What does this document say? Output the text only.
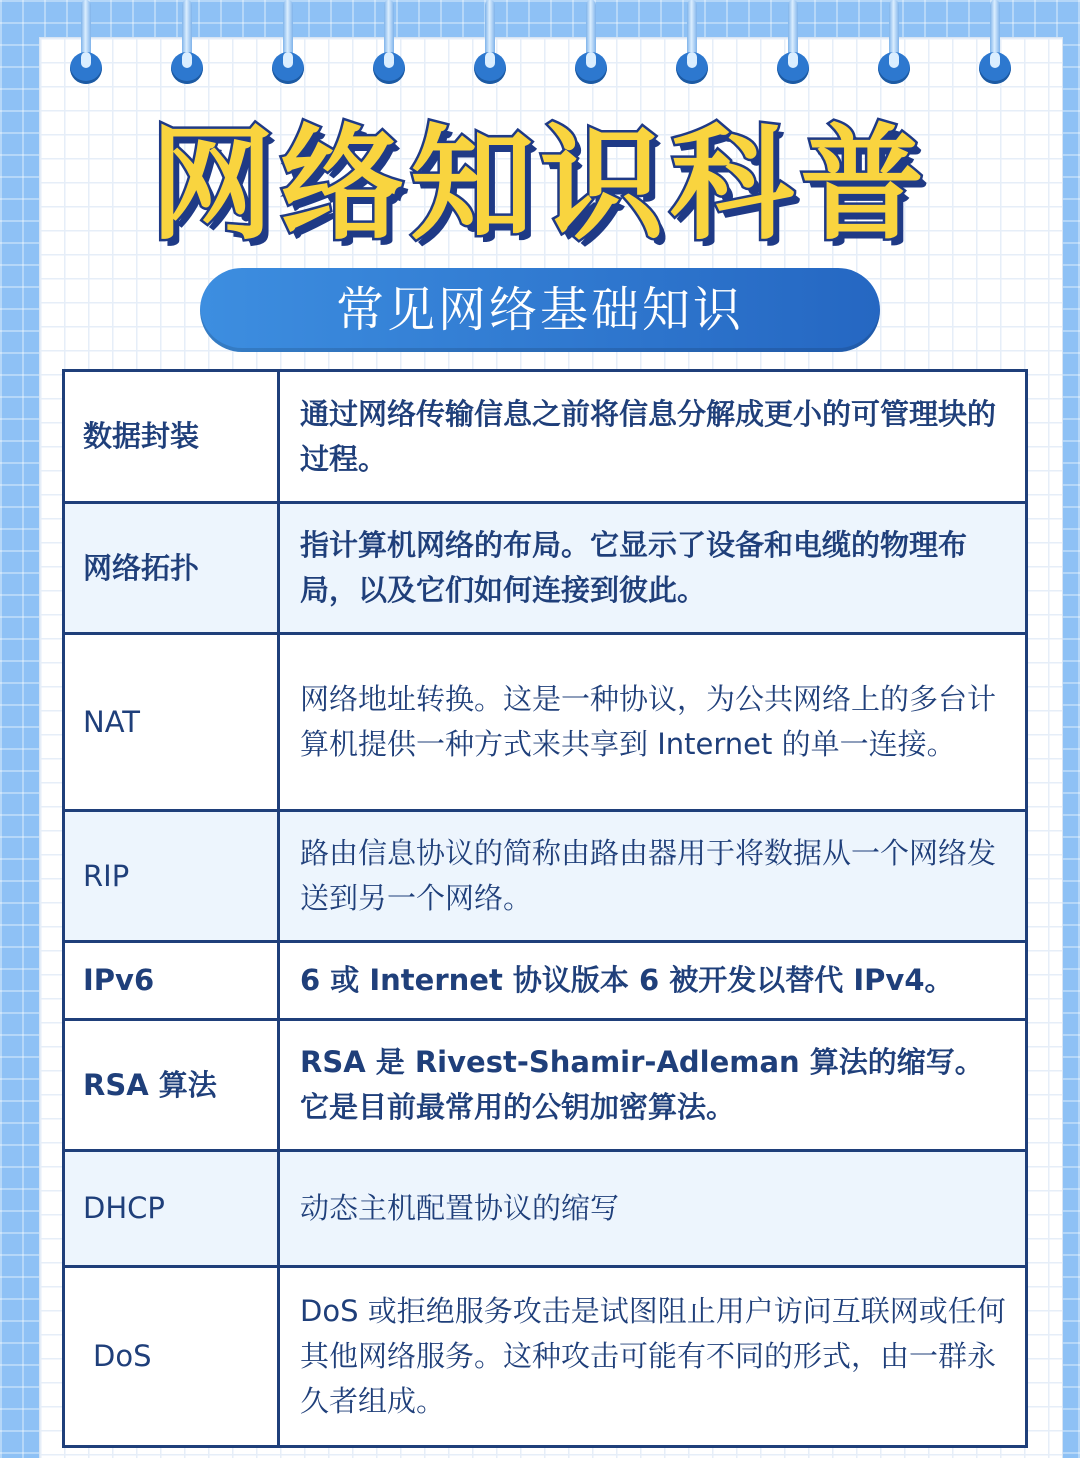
网络知识科普
常见网络基础知识
数据封装	通过网络传输信息之前将信息分解成更小的可管理块的过程。
网络拓扑	指计算机网络的布局。它显示了设备和电缆的物理布局，以及它们如何连接到彼此。
NAT	网络地址转换。这是一种协议，为公共网络上的多台计算机提供一种方式来共享到 Internet 的单一连接。
RIP	路由信息协议的简称由路由器用于将数据从一个网络发送到另一个网络。
IPv6	6 或 Internet 协议版本 6 被开发以替代 IPv4。
RSA 算法	RSA 是 Rivest-Shamir-Adleman 算法的缩写。它是目前最常用的公钥加密算法。
DHCP	动态主机配置协议的缩写
DoS	DoS 或拒绝服务攻击是试图阻止用户访问互联网或任何其他网络服务。这种攻击可能有不同的形式，由一群永久者组成。
